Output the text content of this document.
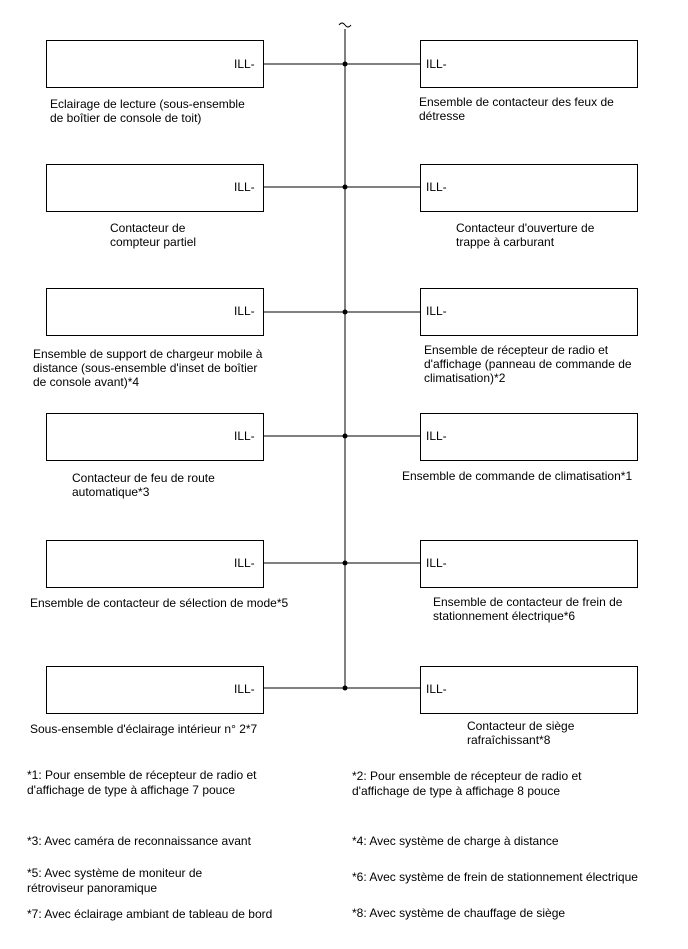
ILL-
Eclairage de lecture (sous-ensemble
de boîtier de console de toit)
ILL-
Contacteur de
compteur partiel
ILL-
Ensemble de support de chargeur mobile à
distance (sous-ensemble d'inset de boîtier
de console avant)*4
ILL-
Contacteur de feu de route
automatique*3
ILL-
Ensemble de contacteur de sélection de mode*5
ILL-
Sous-ensemble d'éclairage intérieur n° 2*7
ILL-
Ensemble de contacteur des feux de
détresse
ILL-
Contacteur d'ouverture de
trappe à carburant
ILL-
Ensemble de récepteur de radio et
d'affichage (panneau de commande de
climatisation)*2
ILL-
Ensemble de commande de climatisation*1
ILL-
Ensemble de contacteur de frein de
stationnement électrique*6
ILL-
Contacteur de siège
rafraîchissant*8
*1: Pour ensemble de récepteur de radio et
d'affichage de type à affichage 7 pouce
*2: Pour ensemble de récepteur de radio et
d'affichage de type à affichage 8 pouce
*3: Avec caméra de reconnaissance avant	*4: Avec système de charge à distance
*5: Avec système de moniteur de
rétroviseur panoramique
*6: Avec système de frein de stationnement électrique
*7: Avec éclairage ambiant de tableau de bord	*8: Avec système de chauffage de siège
